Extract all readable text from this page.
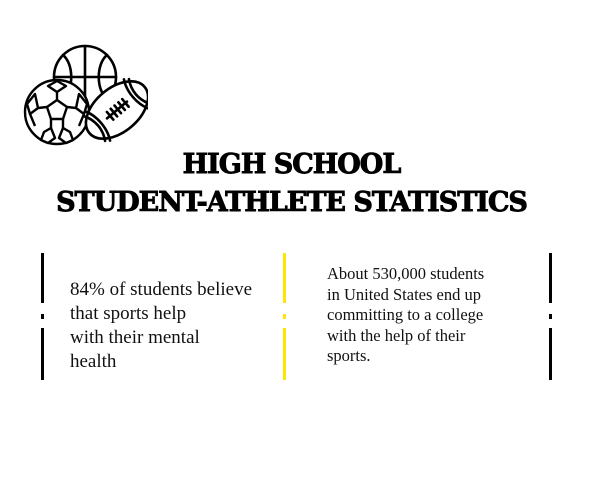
HIGH SCHOOL
STUDENT-ATHLETE STATISTICS
84% of students believe
that sports help
with their mental
health
About 530,000 students
in United States end up
committing to a college
with the help of their
sports.
